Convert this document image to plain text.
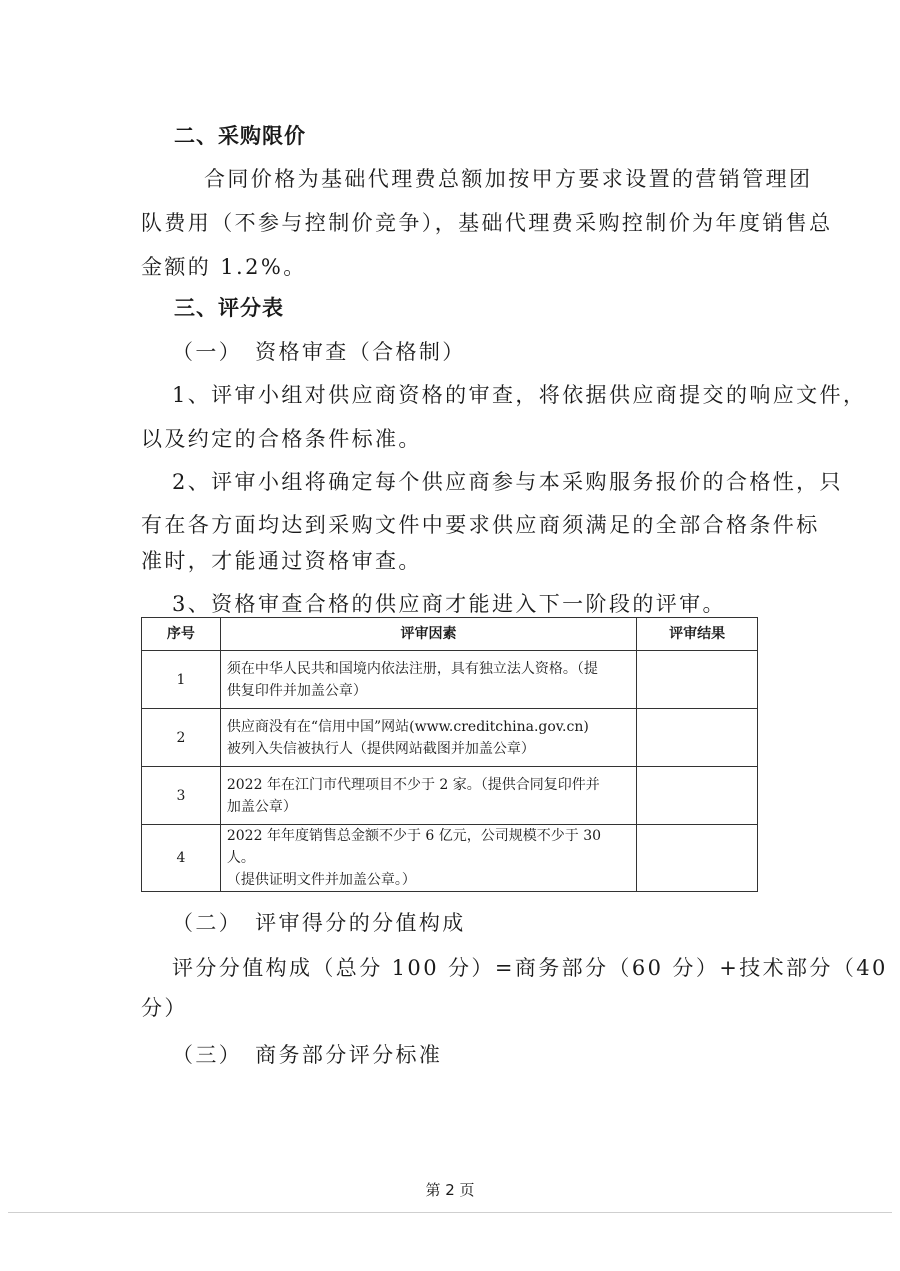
二、采购限价
合同价格为基础代理费总额加按甲方要求设置的营销管理团
队费用（不参与控制价竞争），基础代理费采购控制价为年度销售总
金额的 1.2%。
三、评分表
（一）　资格审查（合格制）
1、评审小组对供应商资格的审查，将依据供应商提交的响应文件，
以及约定的合格条件标准。
2、评审小组将确定每个供应商参与本采购服务报价的合格性，只
有在各方面均达到采购文件中要求供应商须满足的全部合格条件标
准时，才能通过资格审查。
3、资格审查合格的供应商才能进入下一阶段的评审。
序号	评审因素	评审结果
1	须在中华人民共和国境内依法注册，具有独立法人资格。（提
供复印件并加盖公章）	

2	供应商没有在“信用中国”网站(www.creditchina.gov.cn)
被列入失信被执行人（提供网站截图并加盖公章）	

3	2022 年在江门市代理项目不少于 2 家。（提供合同复印件并
加盖公章）	

4	2022 年年度销售总金额不少于 6 亿元，公司规模不少于 30 人。
（提供证明文件并加盖公章。）	

（二）　评审得分的分值构成
评分分值构成（总分 100 分）=商务部分（60 分）+技术部分（40
分）
（三）　商务部分评分标准
第 2 页
